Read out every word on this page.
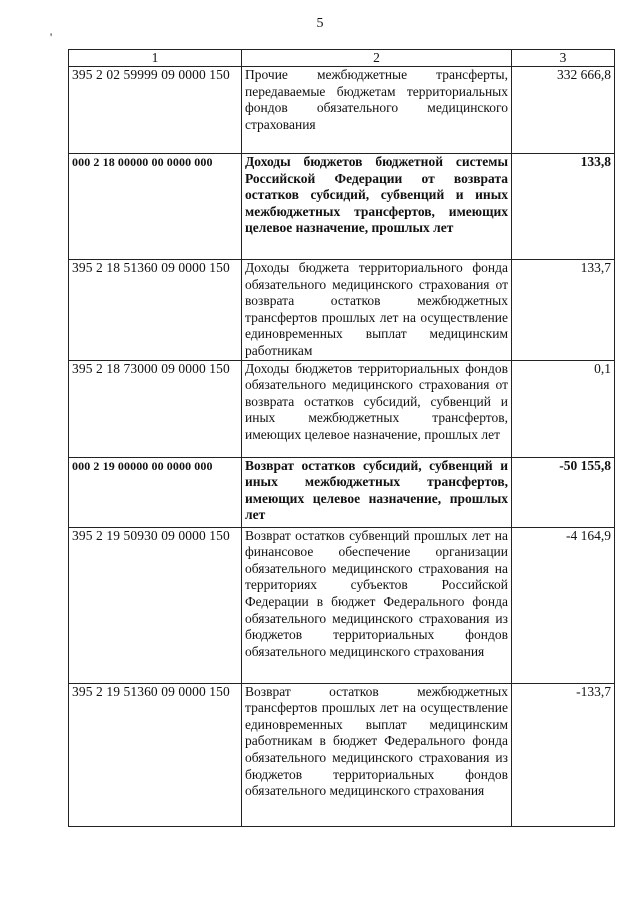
5
'
1	2	3
395 2 02 59999 09 0000 150	Прочие межбюджетные трансферты, передаваемые бюджетам территориальных фондов обязательного медицинского страхования	332 666,8
000 2 18 00000 00 0000 000	Доходы бюджетов бюджетной системы Российской Федерации от возврата остатков субсидий, субвенций и иных межбюджетных трансфертов, имеющих целевое назначение, прошлых лет	133,8
395 2 18 51360 09 0000 150	Доходы бюджета территориального фонда обязательного медицинского страхования от возврата остатков межбюджетных трансфертов прошлых лет на осуществление единовременных выплат медицинским работникам	133,7
395 2 18 73000 09 0000 150	Доходы бюджетов территориальных фондов обязательного медицинского страхования от возврата остатков субсидий, субвенций и иных межбюджетных трансфертов, имеющих целевое назначение, прошлых лет	0,1
000 2 19 00000 00 0000 000	Возврат остатков субсидий, субвенций и иных межбюджетных трансфертов, имеющих целевое назначение, прошлых лет	-50 155,8
395 2 19 50930 09 0000 150	Возврат остатков субвенций прошлых лет на финансовое обеспечение организации обязательного медицинского страхования на территориях субъектов Российской Федерации в бюджет Федерального фонда обязательного медицинского страхования из бюджетов территориальных фондов обязательного медицинского страхования	-4 164,9
395 2 19 51360 09 0000 150	Возврат остатков межбюджетных трансфертов прошлых лет на осуществление единовременных выплат медицинским работникам в бюджет Федерального фонда обязательного медицинского страхования из бюджетов территориальных фондов обязательного медицинского страхования	-133,7
